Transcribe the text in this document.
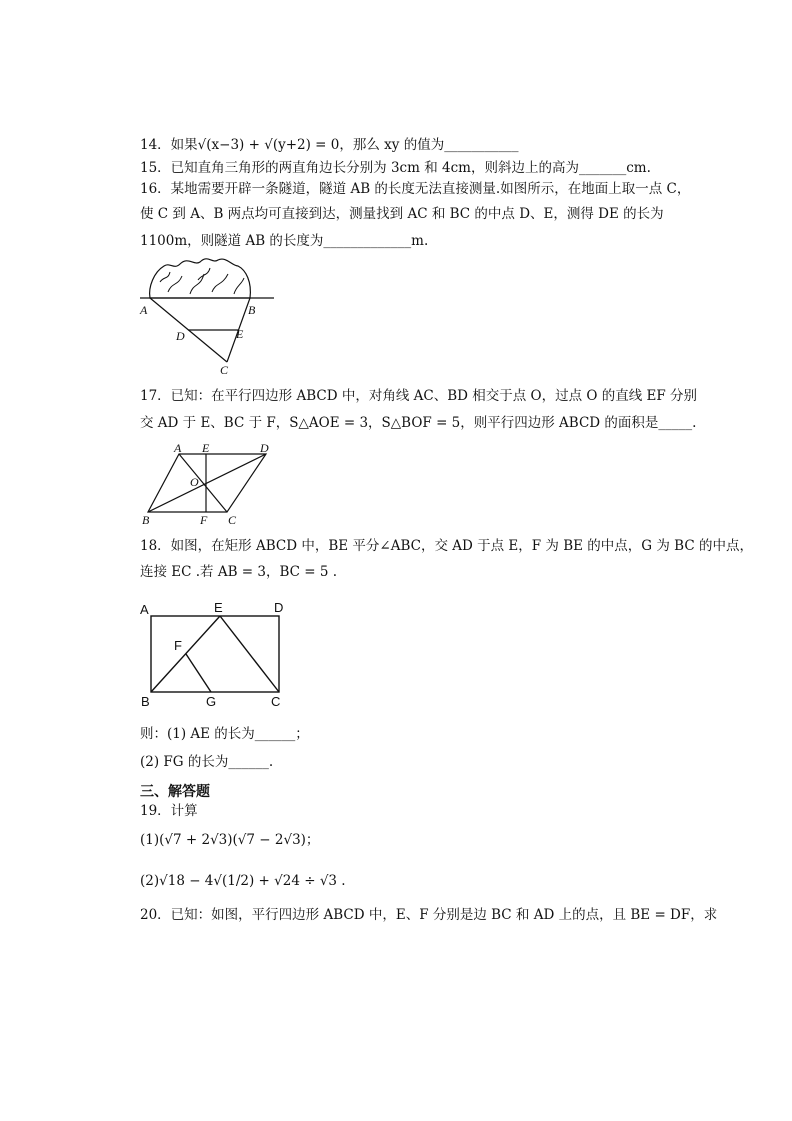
14．如果√(x−3) + √(y+2) = 0，那么 xy 的值为___________
15．已知直角三角形的两直角边长分别为 3cm 和 4cm，则斜边上的高为_______cm.
16．某地需要开辟一条隧道，隧道 AB 的长度无法直接测量.如图所示，在地面上取一点 C，
使 C 到 A、B 两点均可直接到达，测量找到 AC 和 BC 的中点 D、E，测得 DE 的长为
1100m，则隧道 AB 的长度为_____________m.
A	B
D	E
C
17．已知：在平行四边形 ABCD 中，对角线 AC、BD 相交于点 O，过点 O 的直线 EF 分别
交 AD 于 E、BC 于 F，S△AOE = 3，S△BOF = 5，则平行四边形 ABCD 的面积是_____.
A E	D
O
B	F C
18．如图，在矩形 ABCD 中，BE 平分∠ABC，交 AD 于点 E，F 为 BE 的中点，G 为 BC 的中点，
连接 EC .若 AB = 3，BC = 5 .
A	E	D
F
B	G	C
则：(1) AE 的长为______；
(2) FG 的长为______.
三、解答题
19．计算
(1)(√7 + 2√3)(√7 − 2√3)；
(2)√18 − 4√(1/2) + √24 ÷ √3 .
20．已知：如图，平行四边形 ABCD 中，E、F 分别是边 BC 和 AD 上的点，且 BE = DF，求
